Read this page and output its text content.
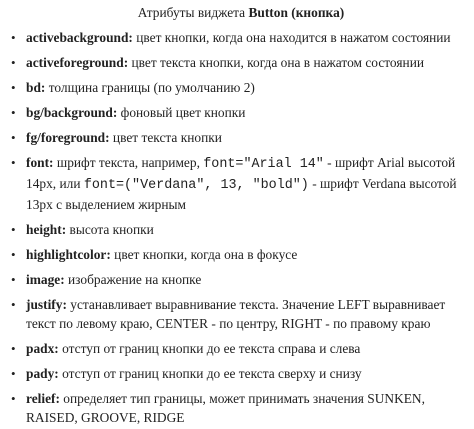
Атрибуты виджета Button (кнопка)
• activebackground: цвет кнопки, когда она находится в нажатом состоянии
• activeforeground: цвет текста кнопки, когда она в нажатом состоянии
• bd: толщина границы (по умолчанию 2)
• bg/background: фоновый цвет кнопки
• fg/foreground: цвет текста кнопки
• font: шрифт текста, например, font="Arial 14" - шрифт Arial высотой 14px, или font=("Verdana", 13, "bold") - шрифт Verdana высотой 13px с выделением жирным
• height: высота кнопки
• highlightcolor: цвет кнопки, когда она в фокусе
• image: изображение на кнопке
• justify: устанавливает выравнивание текста. Значение LEFT выравнивает текст по левому краю, CENTER - по центру, RIGHT - по правому краю
• padx: отступ от границ кнопки до ее текста справа и слева
• pady: отступ от границ кнопки до ее текста сверху и снизу
• relief: определяет тип границы, может принимать значения SUNKEN, RAISED, GROOVE, RIDGE
